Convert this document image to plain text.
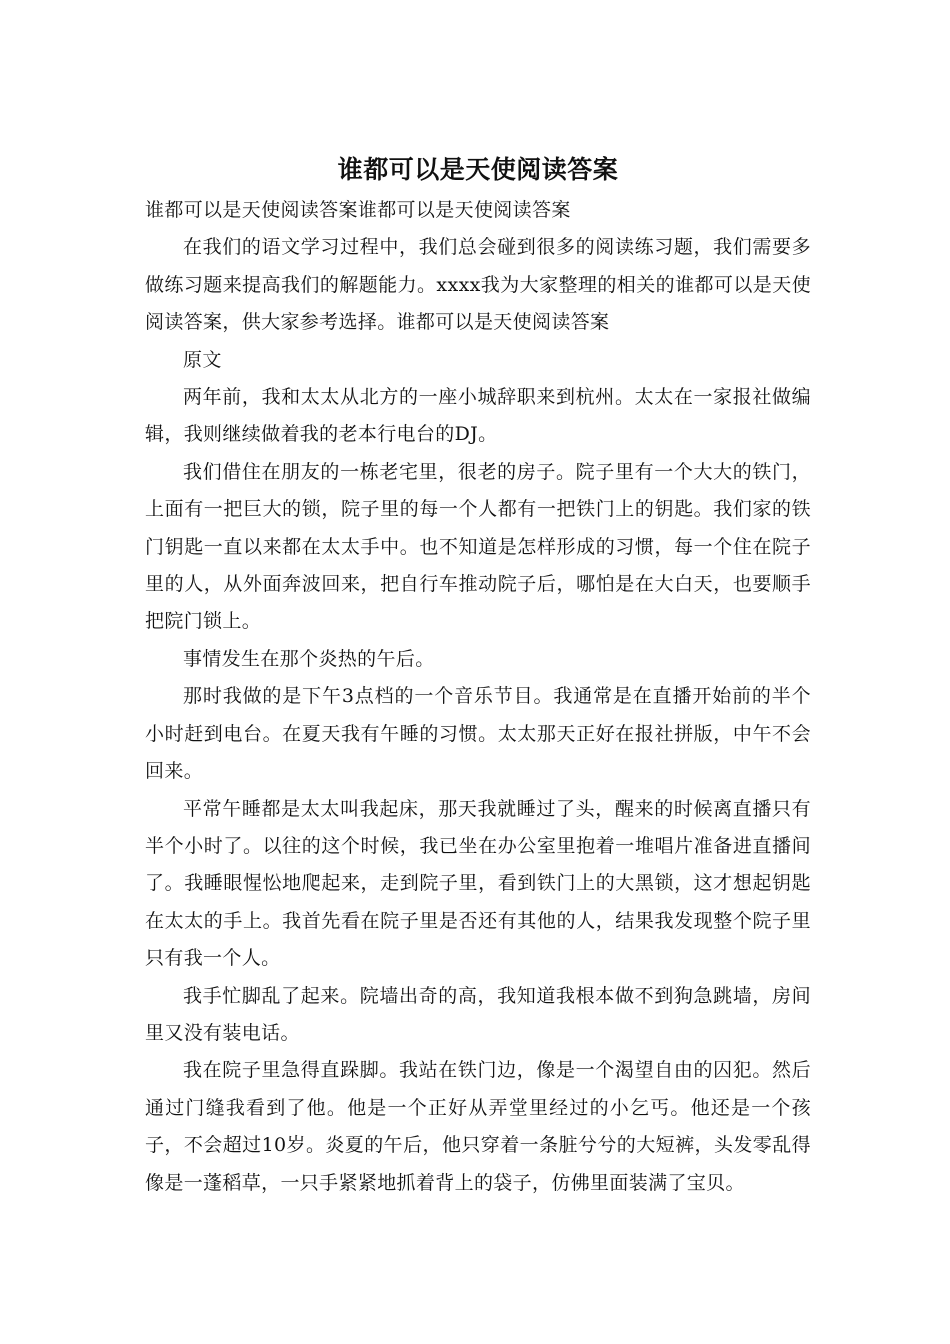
谁都可以是天使阅读答案

谁都可以是天使阅读答案谁都可以是天使阅读答案

在我们的语文学习过程中，我们总会碰到很多的阅读练习题，我们需要多做练习题来提高我们的解题能力。xxxx我为大家整理的相关的谁都可以是天使阅读答案，供大家参考选择。谁都可以是天使阅读答案

原文

两年前，我和太太从北方的一座小城辞职来到杭州。太太在一家报社做编辑，我则继续做着我的老本行电台的DJ。

我们借住在朋友的一栋老宅里，很老的房子。院子里有一个大大的铁门，上面有一把巨大的锁，院子里的每一个人都有一把铁门上的钥匙。我们家的铁门钥匙一直以来都在太太手中。也不知道是怎样形成的习惯，每一个住在院子里的人，从外面奔波回来，把自行车推动院子后，哪怕是在大白天，也要顺手把院门锁上。

事情发生在那个炎热的午后。

那时我做的是下午3点档的一个音乐节目。我通常是在直播开始前的半个小时赶到电台。在夏天我有午睡的习惯。太太那天正好在报社拼版，中午不会回来。

平常午睡都是太太叫我起床，那天我就睡过了头，醒来的时候离直播只有半个小时了。以往的这个时候，我已坐在办公室里抱着一堆唱片准备进直播间了。我睡眼惺忪地爬起来，走到院子里，看到铁门上的大黑锁，这才想起钥匙在太太的手上。我首先看在院子里是否还有其他的人，结果我发现整个院子里只有我一个人。

我手忙脚乱了起来。院墙出奇的高，我知道我根本做不到狗急跳墙，房间里又没有装电话。

我在院子里急得直跺脚。我站在铁门边，像是一个渴望自由的囚犯。然后通过门缝我看到了他。他是一个正好从弄堂里经过的小乞丐。他还是一个孩子，不会超过10岁。炎夏的午后，他只穿着一条脏兮兮的大短裤，头发零乱得像是一蓬稻草，一只手紧紧地抓着背上的袋子，仿佛里面装满了宝贝。
